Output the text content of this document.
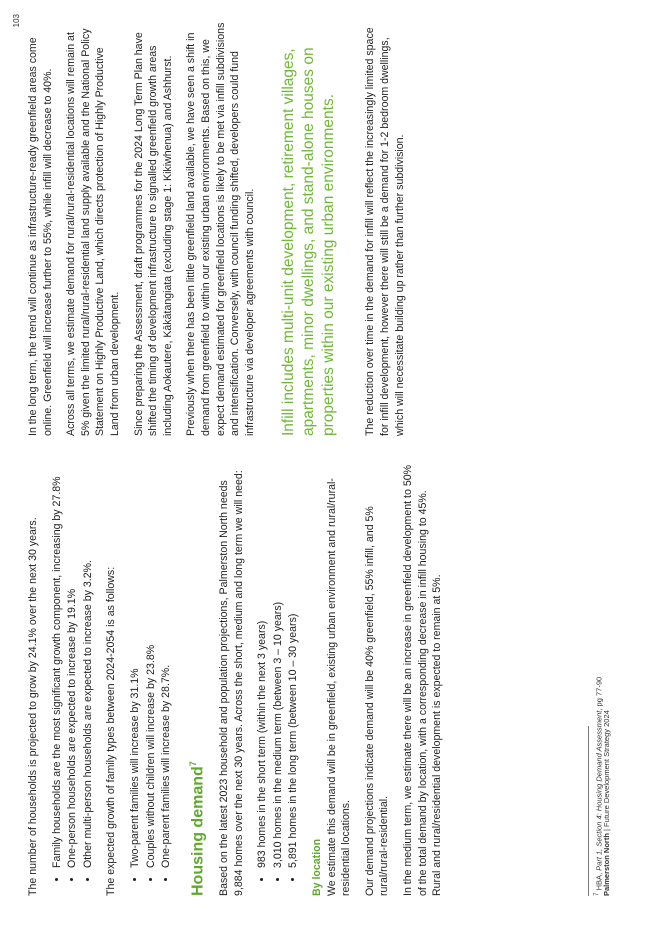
103

The number of households is projected to grow by 24.1% over the next 30 years. • Family households are the most significant growth component, increasing by 27.8% • One-person households are expected to increase by 19.1% • Other multi-person households are expected to increase by 3.2%. The expected growth of family types between 2024-2054 is as follows: • Two-parent families will increase by 31.1% • Couples without children will increase by 23.8% • One-parent families will increase by 28.7%.	Housing demand$^7$	Based on the latest 2023 household and population projections, Palmerston North needs 9,884 homes over the next 30 years. Across the short, medium and long term we will need: • 983 homes in the short term (within the next 3 years) • 3,010 homes in the medium term (between 3 – 10 years) • 5,891 homes in the long term (between 10 – 30 years) By location We estimate this demand will be in greenfield, existing urban environment and rural/rural-residential locations. Our demand projections indicate demand will be 40% greenfield, 55% infill, and 5% rural/rural-residential. In the medium term, we estimate there will be an increase in greenfield development to 50% of the total demand by location, with a corresponding decrease in infill housing to 45%. Rural and rural/residential development is expected to remain at 5%.

In the long term, the trend will continue as infrastructure-ready greenfield areas come online. Greenfield will increase further to 55%, while infill will decrease to 40%. Across all terms, we estimate demand for rural/rural-residential locations will remain at 5% given the limited rural/rural-residential land supply available and the National Policy Statement on Highly Productive Land, which directs protection of Highly Productive Land from urban development. Since preparing the Assessment, draft programmes for the 2024 Long Term Plan have shifted the timing of development infrastructure to signalled greenfield growth areas including Aokautere, Kākātangiata (excluding stage 1: Kikiwhenua) and Ashhurst. Previously when there has been little greenfield land available, we have seen a shift in demand from greenfield to within our existing urban environments. Based on this, we expect demand estimated for greenfield locations is likely to be met via infill subdivisions and intensification. Conversely, with council funding shifted, developers could fund infrastructure via developer agreements with council. Infill includes multi-unit development, retirement villages, apartments, minor dwellings, and stand-alone houses on properties within our existing urban environments.	The reduction over time in the demand for infill will reflect the increasingly limited space for infill development, however there will still be a demand for 1-2 bedroom dwellings, which will necessitate building up rather than further subdivision.

$^7$ HBA, Part 1, Section 4: Housing Demand Assessment, pg 77-90
Palmerston North | Future Development Strategy 2024
